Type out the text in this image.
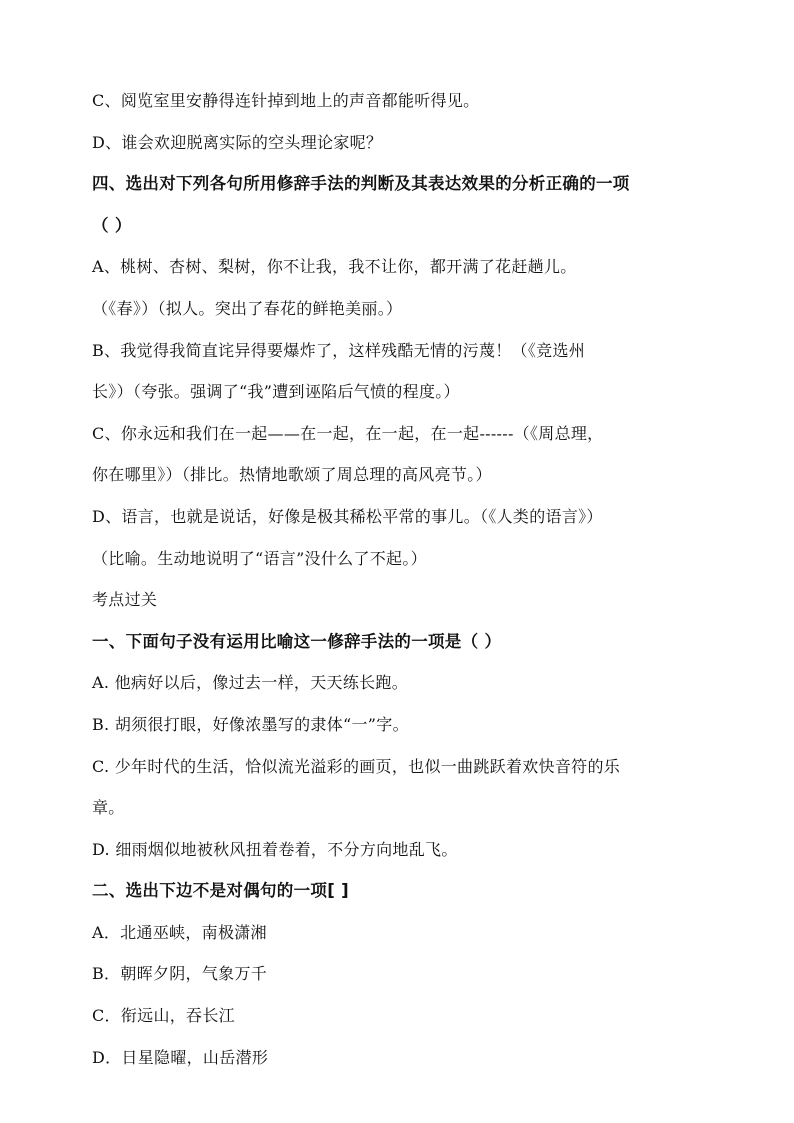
C、阅览室里安静得连针掉到地上的声音都能听得见。
D、谁会欢迎脱离实际的空头理论家呢？
四、选出对下列各句所用修辞手法的判断及其表达效果的分析正确的一项
（ ）
A、桃树、杏树、梨树，你不让我，我不让你，都开满了花赶趟儿。
（《春》）（拟人。突出了春花的鲜艳美丽。）
B、我觉得我简直诧异得要爆炸了，这样残酷无情的污蔑！（《竞选州
长》）（夸张。强调了“我”遭到诬陷后气愤的程度。）
C、你永远和我们在一起——在一起，在一起，在一起------（《周总理，
你在哪里》）（排比。热情地歌颂了周总理的高风亮节。）
D、语言，也就是说话，好像是极其稀松平常的事儿。（《人类的语言》）
（比喻。生动地说明了“语言”没什么了不起。）
考点过关
一、下面句子没有运用比喻这一修辞手法的一项是（ ）
A. 他病好以后，像过去一样，天天练长跑。
B. 胡须很打眼，好像浓墨写的隶体“一”字。
C. 少年时代的生活，恰似流光溢彩的画页，也似一曲跳跃着欢快音符的乐
章。
D. 细雨烟似地被秋风扭着卷着，不分方向地乱飞。
二、选出下边不是对偶句的一项[ ]
A．北通巫峡，南极潇湘
B．朝晖夕阴，气象万千
C．衔远山，吞长江
D．日星隐曜，山岳潜形
